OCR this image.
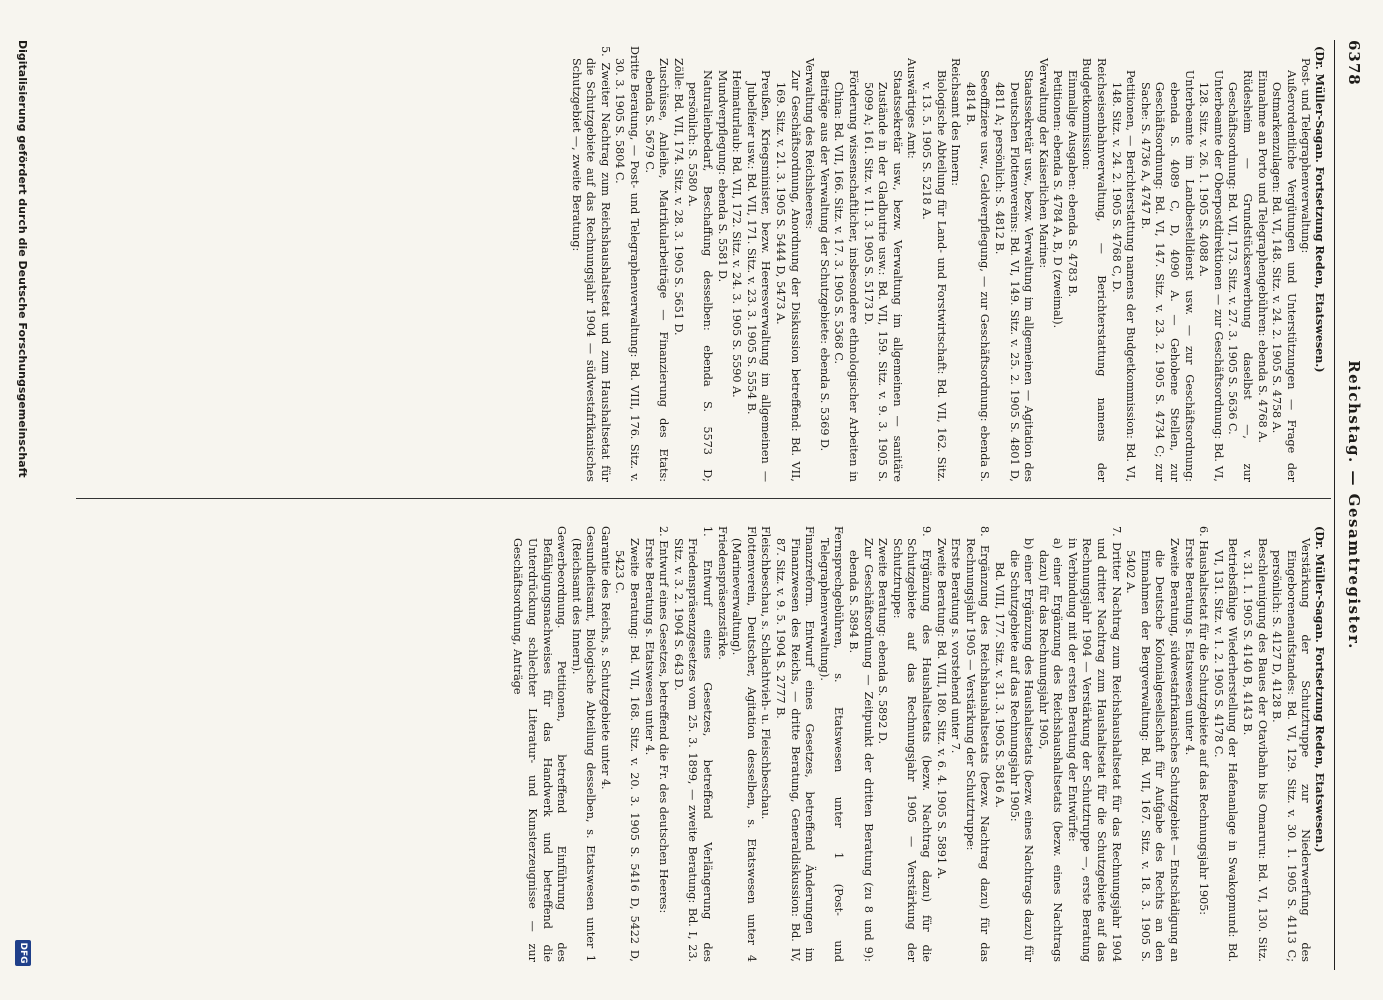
6378
Reichstag. — Gesamtregister.

(Dr. Müller-Sagan. Fortsetzung Reden, Etatswesen.)

Post- und Telegraphenverwaltung:

Außerordentliche Vergütungen und Unterstützungen — Frage der Ostmarkenzulagen: Bd. VI, 148. Sitz. v. 24. 2. 1905 S. 4758 A.

Einnahme an Porto und Telegraphengebühren: ebenda S. 4768 A.

Rüdesheim — Grundstückserwerbung daselbst —, zur Geschäftsordnung: Bd. VII, 173. Sitz. v. 27. 3. 1905 S. 5636 C.

Unterbeamte der Oberpostdirektionen — zur Geschäftsordnung: Bd. VI, 128. Sitz. v. 26. 1. 1905 S. 4088 A.

Unterbeamte im Landbestelldienst usw. — zur Geschäftsordnung: ebenda S. 4089 C, D, 4090 A. — Gehobene Stellen, zur Geschäftsordnung: Bd. VI, 147. Sitz. v. 23. 2. 1905 S. 4734 C; zur Sache: S. 4736 A, 4747 B.

Petitionen, — Berichterstattung namens der Budgetkommission: Bd. VI, 148. Sitz. v. 24. 2. 1905 S. 4768 C, D.

Reichseisenbahnverwaltung, — Berichterstattung namens der Budgetkommission:

Einmalige Ausgaben: ebenda S. 4783 B.

Petitionen: ebenda S. 4784 A, B, D (zweimal).

Verwaltung der Kaiserlichen Marine:

Staatssekretär usw., bezw. Verwaltung im allgemeinen — Agitation des Deutschen Flottenvereins: Bd. VI, 149. Sitz. v. 25. 2. 1905 S. 4801 D, 4811 A; persönlich: S. 4812 B.

Seeoffiziere usw., Geldverpflegung, — zur Geschäftsordnung: ebenda S. 4814 B.

Reichsamt des Innern:

Biologische Abteilung für Land- und Forstwirtschaft: Bd. VII, 162. Sitz. v. 13. 5. 1905 S. 5218 A.

Auswärtiges Amt:

Staatssekretär usw., bezw. Verwaltung im allgemeinen — sanitäre Zustände in der Gladbutrie usw.: Bd. VII, 159. Sitz. v. 9. 3. 1905 S. 5099 A; 161. Sitz. v. 11. 3. 1905 S. 5173 D.

Förderung wissenschaftlicher, insbesondere ethnologischer Arbeiten in China: Bd. VII, 166. Sitz. v. 17. 3. 1905 S. 5368 C.

Beiträge aus der Verwaltung der Schutzgebiete: ebenda S. 5369 D.

Verwaltung des Reichsheeres:

Zur Geschäftsordnung, Anordnung der Diskussion betreffend: Bd. VII, 169. Sitz. v. 21. 3. 1905 S. 5444 D, 5473 A.

Preußen, Kriegsminister, bezw. Heeresverwaltung im allgemeinen — Jubelfeier usw.: Bd. VII, 171. Sitz. v. 23. 3. 1905 S. 5554 B.

Heimaturlaub: Bd. VII, 172. Sitz. v. 24. 3. 1905 S. 5590 A.

Mundverpflegung: ebenda S. 5581 D.

Naturalienbedarf, Beschaffung desselben: ebenda S. 5573 D; persönlich: S. 5580 A.

Zölle: Bd. VII, 174. Sitz. v. 28. 3. 1905 S. 5651 D.

Zuschüsse, Anleihe, Matrikularbeiträge — Finanzierung des Etats: ebenda S. 5679 C.

Dritte Beratung, — Post- und Telegraphenverwaltung: Bd. VIII, 176. Sitz. v. 30. 3. 1905 S. 5804 C.

5. Zweiter Nachtrag zum Reichshaushaltsetat und zum Haushaltsetat für die Schutzgebiete auf das Rechnungsjahr 1904 — südwestafrikanisches Schutzgebiet —, zweite Beratung:

(Dr. Müller-Sagan. Fortsetzung Reden, Etatswesen.)

Verstärkung der Schutztruppe zur Niederwerfung des Eingeborenenaufstandes: Bd. VI, 129. Sitz. v. 30. 1. 1905 S. 4113 C; persönlich: S. 4127 D, 4128 B.

Beschleunigung des Baues der Otavibahn bis Omaruru: Bd. VI, 130. Sitz. v. 31. 1. 1905 S. 4140 B, 4143 B.

Betriebsfähige Wiederherstellung der Hafenanlage in Swakopmund: Bd. VI, 131. Sitz. v. 1. 2. 1905 S. 4178 C.

6. Haushaltsetat für die Schutzgebiete auf das Rechnungsjahr 1905:

Erste Beratung s. Etatswesen unter 4.

Zweite Beratung, südwestafrikanisches Schutzgebiet — Entschädigung an die Deutsche Kolonialgesellschaft für Aufgabe des Rechts an den Einnahmen der Bergverwaltung: Bd. VII, 167. Sitz. v. 18. 3. 1905 S. 5402 A.

7. Dritter Nachtrag zum Reichshaushaltsetat für das Rechnungsjahr 1904 und dritter Nachtrag zum Haushaltsetat für die Schutzgebiete auf das Rechnungsjahr 1904 — Verstärkung der Schutztruppe —, erste Beratung in Verbindung mit der ersten Beratung der Entwürfe:

a) einer Ergänzung des Reichshaushaltsetats (bezw. eines Nachtrags dazu) für das Rechnungsjahr 1905,

b) einer Ergänzung des Haushaltsetats (bezw. eines Nachtrags dazu) für die Schutzgebiete auf das Rechnungsjahr 1905:

Bd. VIII, 177. Sitz. v. 31. 3. 1905 S. 5816 A.

8. Ergänzung des Reichshaushaltsetats (bezw. Nachtrag dazu) für das Rechnungsjahr 1905 — Verstärkung der Schutztruppe:

Erste Beratung s. vorstehend unter 7.

Zweite Beratung: Bd. VIII, 180. Sitz. v. 6. 4. 1905 S. 5891 A.

9. Ergänzung des Haushaltsetats (bezw. Nachtrag dazu) für die Schutzgebiete auf das Rechnungsjahr 1905 — Verstärkung der Schutztruppe:

Zweite Beratung: ebenda S. 5892 D.

Zur Geschäftsordnung — Zeitpunkt der dritten Beratung (zu 8 und 9): ebenda S. 5894 B.

Fernsprechgebühren, s. Etatswesen unter 1 (Post- und Telegraphenverwaltung).

Finanzreform. Entwurf eines Gesetzes, betreffend Änderungen im Finanzwesen des Reichs, — dritte Beratung, Generaldiskussion: Bd. IV, 87. Sitz. v. 9. 5. 1904 S. 2777 B.

Fleischbeschau, s. Schlachtvieh- u. Fleischbeschau.

Flottenverein, Deutscher, Agitation desselben, s. Etatswesen unter 4 (Marineverwaltung).

Friedenspräsenzstärke.

1. Entwurf eines Gesetzes, betreffend Verlängerung des Friedenspräsenzgesetzes vom 25. 3. 1899, — zweite Beratung: Bd. I, 23. Sitz. v. 3. 2. 1904 S. 643 D.

2. Entwurf eines Gesetzes, betreffend die Fr. des deutschen Heeres:

Erste Beratung s. Etatswesen unter 4.

Zweite Beratung: Bd. VII, 168. Sitz. v. 20. 3. 1905 S. 5416 D, 5422 D, 5423 C.

Garantie des Reichs, s. Schutzgebiete unter 4.

Gesundheitsamt, Biologische Abteilung desselben, s. Etatswesen unter 1 (Reichsamt des Innern).

Gewerbeordnung. Petitionen, betreffend Einführung des Befähigungsnachweises für das Handwerk und betreffend die Unterdrückung schlechter Literatur- und Kunsterzeugnisse — zur Geschäftsordnung, Anträge

Digitalisierung gefördert durch die Deutsche Forschungsgemeinschaft
DFG
